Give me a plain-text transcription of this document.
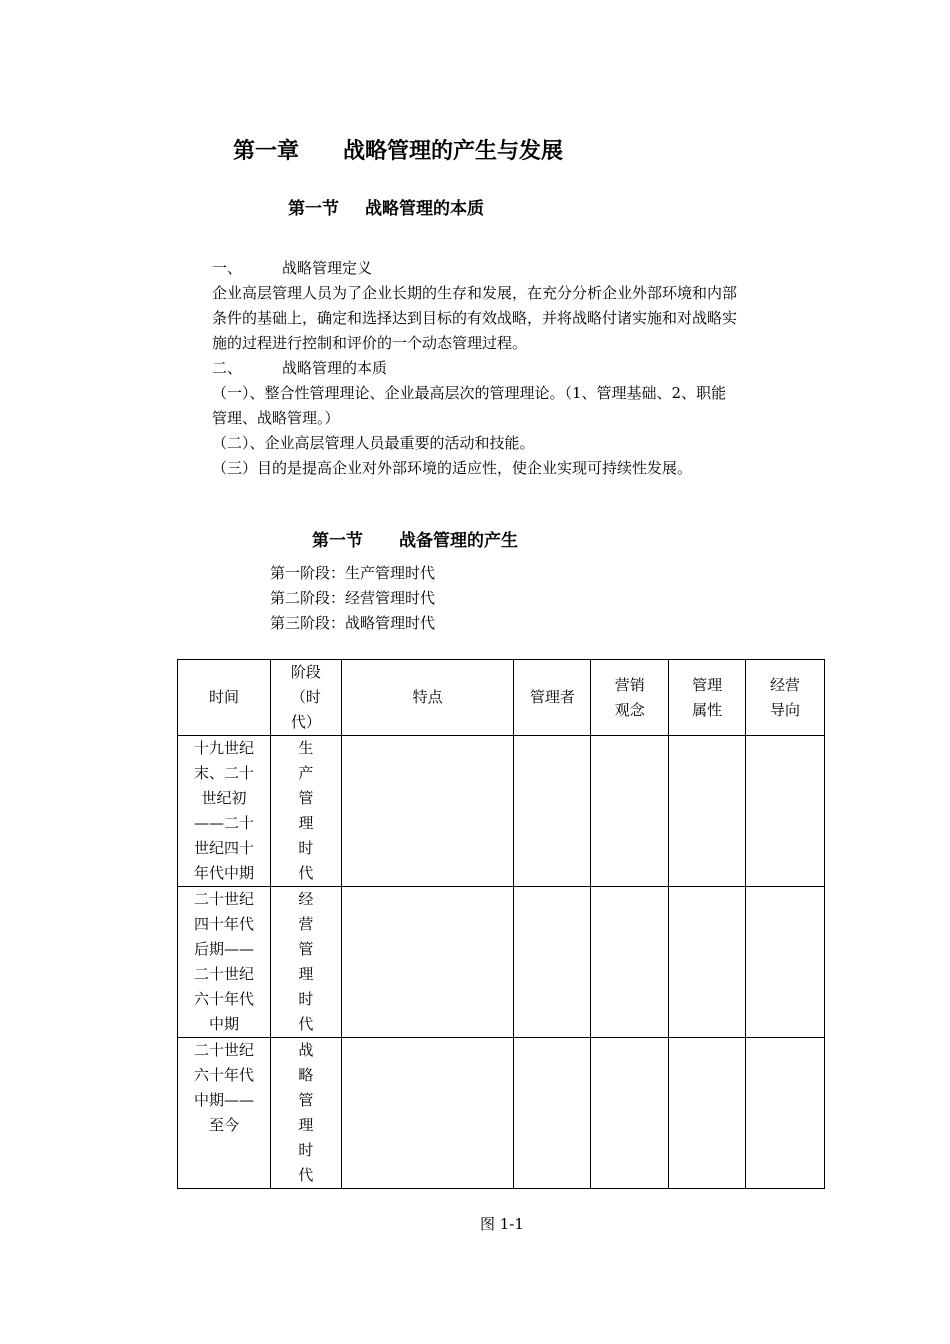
第一章 战略管理的产生与发展
第一节 战略管理的本质
一、	战略管理定义
企业高层管理人员为了企业长期的生存和发展，在充分分析企业外部环境和内部
条件的基础上，确定和选择达到目标的有效战略，并将战略付诸实施和对战略实
施的过程进行控制和评价的一个动态管理过程。
二、	战略管理的本质
（一）、整合性管理理论、企业最高层次的管理理论。（1、管理基础、2、职能
管理、战略管理。）
（二）、企业高层管理人员最重要的活动和技能。
（三）目的是提高企业对外部环境的适应性，使企业实现可持续性发展。
第一节 战备管理的产生
第一阶段：生产管理时代
第二阶段：经营管理时代
第三阶段：战略管理时代
时间	阶段（时代）	特点	管理者	营销观念	管理属性	经营导向

十九世纪末、二十世纪初——二十世纪四十年代中期	生产管理时代					

二十世纪四十年代后期——二十世纪六十年代中期	经营管理时代					

二十世纪六十年代中期——至今	战略管理时代					

图 1-1
